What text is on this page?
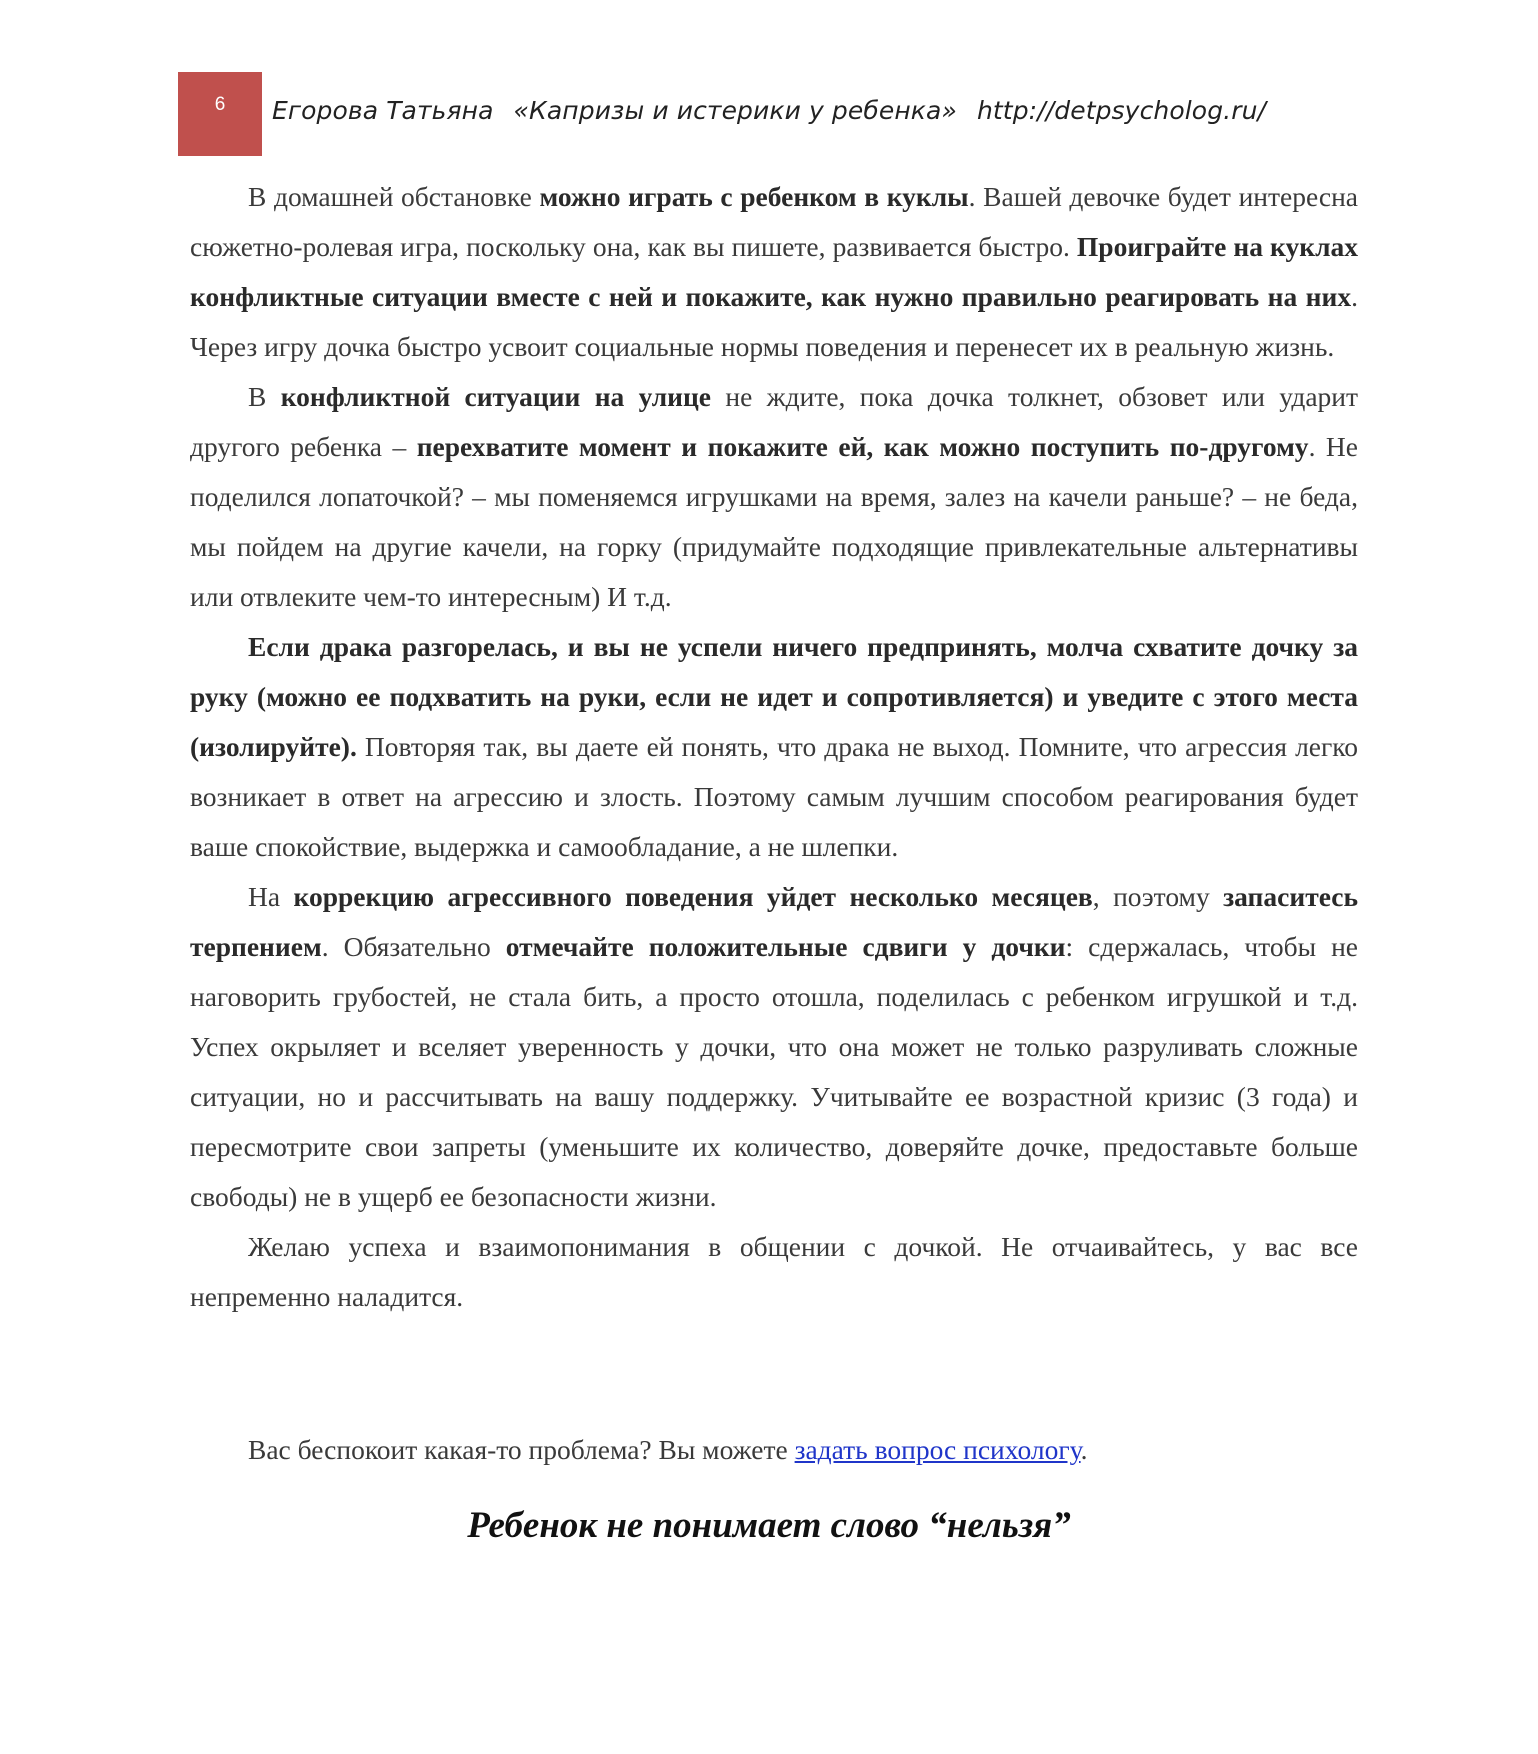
6 Егорова Татьяна «Капризы и истерики у ребенка» http://detpsycholog.ru/

В домашней обстановке можно играть с ребенком в куклы. Вашей девочке будет интересна сюжетно-ролевая игра, поскольку она, как вы пишете, развивается быстро. Проиграйте на куклах конфликтные ситуации вместе с ней и покажите, как нужно правильно реагировать на них. Через игру дочка быстро усвоит социальные нормы поведения и перенесет их в реальную жизнь.

В конфликтной ситуации на улице не ждите, пока дочка толкнет, обзовет или ударит другого ребенка – перехватите момент и покажите ей, как можно поступить по-другому. Не поделился лопаточкой? – мы поменяемся игрушками на время, залез на качели раньше? – не беда, мы пойдем на другие качели, на горку (придумайте подходящие привлекательные альтернативы или отвлеките чем-то интересным) И т.д.

Если драка разгорелась, и вы не успели ничего предпринять, молча схватите дочку за руку (можно ее подхватить на руки, если не идет и сопротивляется) и уведите с этого места (изолируйте). Повторяя так, вы даете ей понять, что драка не выход. Помните, что агрессия легко возникает в ответ на агрессию и злость. Поэтому самым лучшим способом реагирования будет ваше спокойствие, выдержка и самообладание, а не шлепки.

На коррекцию агрессивного поведения уйдет несколько месяцев, поэтому запаситесь терпением. Обязательно отмечайте положительные сдвиги у дочки: сдержалась, чтобы не наговорить грубостей, не стала бить, а просто отошла, поделилась с ребенком игрушкой и т.д. Успех окрыляет и вселяет уверенность у дочки, что она может не только разруливать сложные ситуации, но и рассчитывать на вашу поддержку. Учитывайте ее возрастной кризис (3 года) и пересмотрите свои запреты (уменьшите их количество, доверяйте дочке, предоставьте больше свободы) не в ущерб ее безопасности жизни.

Желаю успеха и взаимопонимания в общении с дочкой. Не отчаивайтесь, у вас все непременно наладится.

Вас беспокоит какая-то проблема? Вы можете задать вопрос психологу.
Ребенок не понимает слово “нельзя”
